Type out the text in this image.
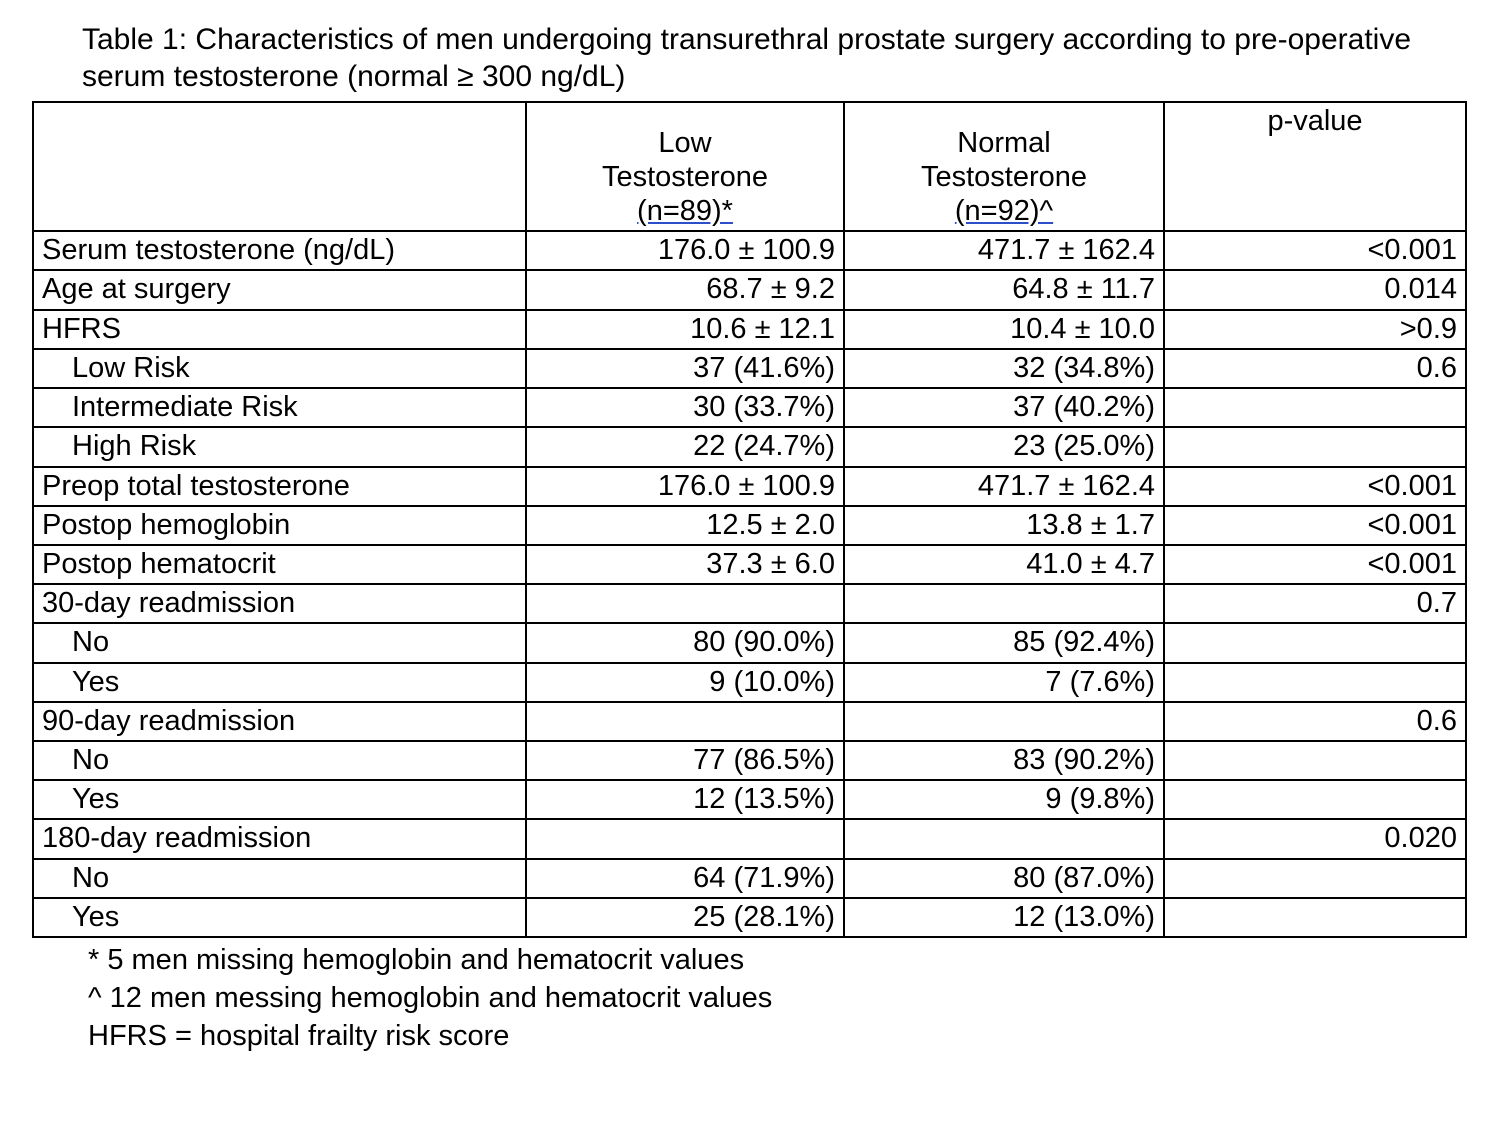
Table 1: Characteristics of men undergoing transurethral prostate surgery according to pre-operative serum testosterone (normal ≥ 300 ng/dL)

	Low
Testosterone
(n=89)*	Normal
Testosterone
(n=92)^	p-value
Serum testosterone (ng/dL)	176.0 ± 100.9	471.7 ± 162.4	<0.001
Age at surgery	68.7 ± 9.2	64.8 ± 11.7	0.014
HFRS	10.6 ± 12.1	10.4 ± 10.0	>0.9
Low Risk	37 (41.6%)	32 (34.8%)	0.6
Intermediate Risk	30 (33.7%)	37 (40.2%)	
High Risk	22 (24.7%)	23 (25.0%)	
Preop total testosterone	176.0 ± 100.9	471.7 ± 162.4	<0.001
Postop hemoglobin	12.5 ± 2.0	13.8 ± 1.7	<0.001
Postop hematocrit	37.3 ± 6.0	41.0 ± 4.7	<0.001
30-day readmission			0.7
No	80 (90.0%)	85 (92.4%)	
Yes	9 (10.0%)	7 (7.6%)	
90-day readmission			0.6
No	77 (86.5%)	83 (90.2%)	
Yes	12 (13.5%)	9 (9.8%)	
180-day readmission			0.020
No	64 (71.9%)	80 (87.0%)	
Yes	25 (28.1%)	12 (13.0%)	
* 5 men missing hemoglobin and hematocrit values
^ 12 men messing hemoglobin and hematocrit values
HFRS = hospital frailty risk score
